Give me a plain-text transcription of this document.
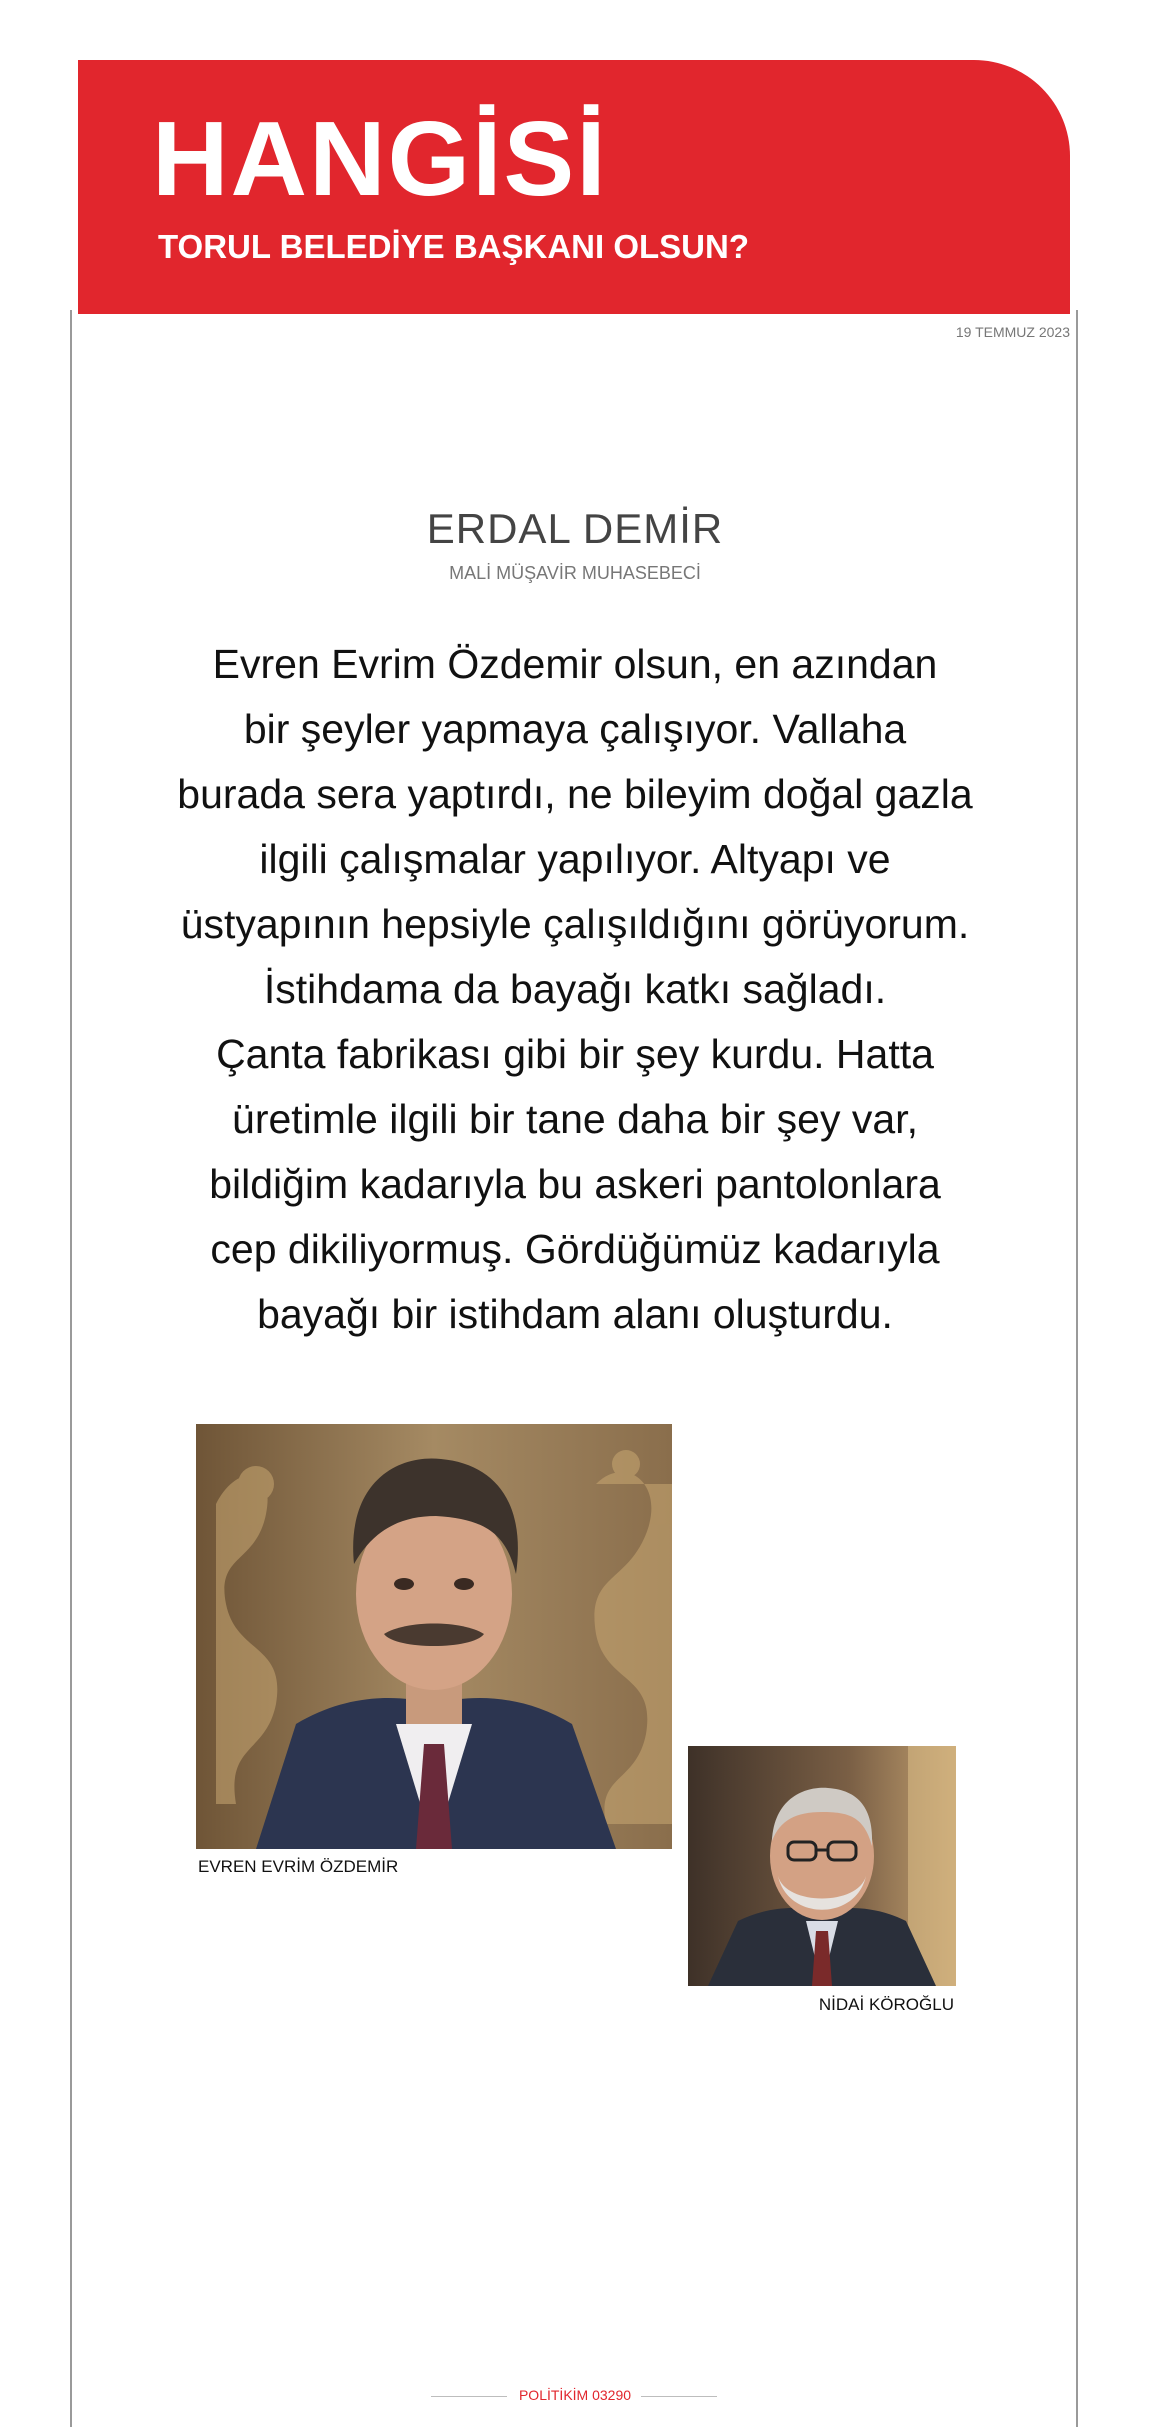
HANGİSİ
TORUL BELEDİYE BAŞKANI OLSUN?
19 TEMMUZ 2023
ERDAL DEMİR
MALİ MÜŞAVİR MUHASEBECİ

Evren Evrim Özdemir olsun, en azından
bir şeyler yapmaya çalışıyor. Vallaha
burada sera yaptırdı, ne bileyim doğal gazla
ilgili çalışmalar yapılıyor. Altyapı ve
üstyapının hepsiyle çalışıldığını görüyorum.
İstihdama da bayağı katkı sağladı.
Çanta fabrikası gibi bir şey kurdu. Hatta
üretimle ilgili bir tane daha bir şey var,
bildiğim kadarıyla bu askeri pantolonlara
cep dikiliyormuş. Gördüğümüz kadarıyla
bayağı bir istihdam alanı oluşturdu.

EVREN EVRİM ÖZDEMİR
NİDAİ KÖROĞLU
POLİTİKİM 03290
